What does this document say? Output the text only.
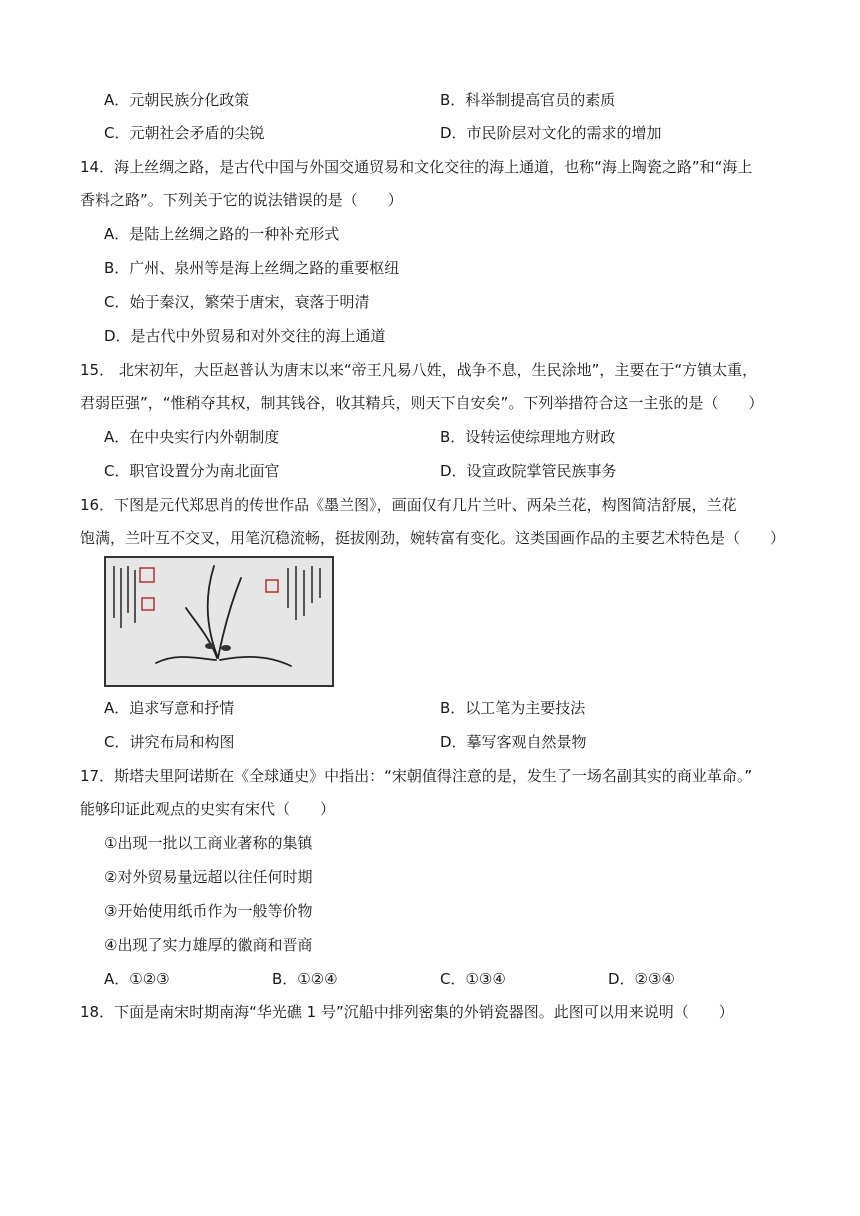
A．元朝民族分化政策	B．科举制提高官员的素质
C．元朝社会矛盾的尖锐	D．市民阶层对文化的需求的增加
14．海上丝绸之路，是古代中国与外国交通贸易和文化交往的海上通道，也称“海上陶瓷之路”和“海上
香料之路”。下列关于它的说法错误的是（　　）
A．是陆上丝绸之路的一种补充形式
B．广州、泉州等是海上丝绸之路的重要枢纽
C．始于秦汉，繁荣于唐宋，衰落于明清
D．是古代中外贸易和对外交往的海上通道
15． 北宋初年，大臣赵普认为唐末以来“帝王凡易八姓，战争不息，生民涂地”，主要在于“方镇太重，
君弱臣强”，“惟稍夺其权，制其钱谷，收其精兵，则天下自安矣”。下列举措符合这一主张的是（　　）
A．在中央实行内外朝制度	B．设转运使综理地方财政
C．职官设置分为南北面官	D．设宣政院掌管民族事务
16．下图是元代郑思肖的传世作品《墨兰图》，画面仅有几片兰叶、两朵兰花，构图简洁舒展，兰花
饱满，兰叶互不交叉，用笔沉稳流畅，挺拔刚劲，婉转富有变化。这类国画作品的主要艺术特色是（　　）
A．追求写意和抒情	B．以工笔为主要技法
C．讲究布局和构图	D．摹写客观自然景物
17．斯塔夫里阿诺斯在《全球通史》中指出：“宋朝值得注意的是，发生了一场名副其实的商业革命。”
能够印证此观点的史实有宋代（　　）
①出现一批以工商业著称的集镇
②对外贸易量远超以往任何时期
③开始使用纸币作为一般等价物
④出现了实力雄厚的徽商和晋商
A．①②③	B．①②④	C．①③④	D．②③④
18．下面是南宋时期南海“华光礁 1 号”沉船中排列密集的外销瓷器图。此图可以用来说明（　　）
